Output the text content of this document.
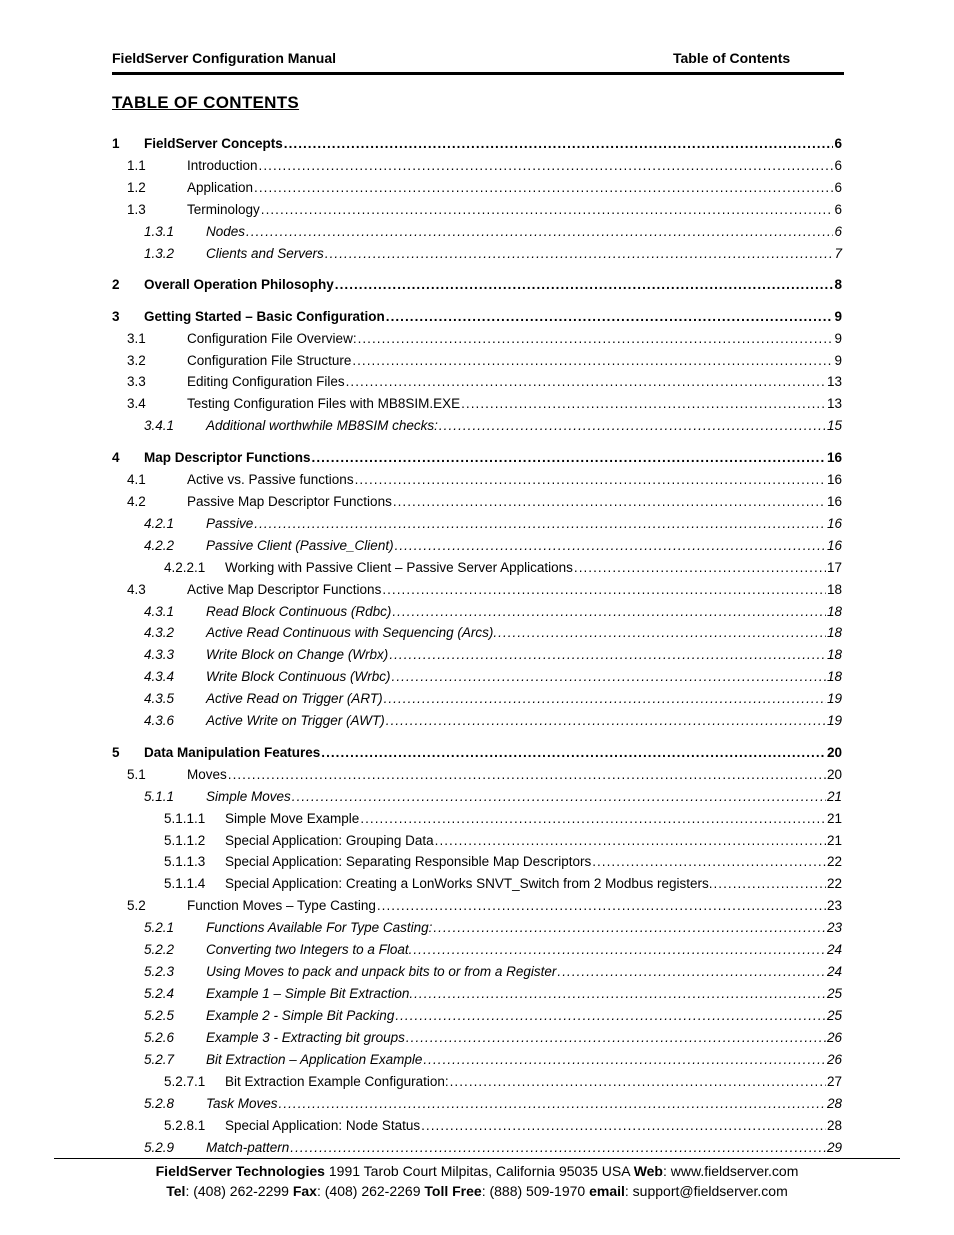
FieldServer Configuration Manual	Table of Contents
TABLE OF CONTENTS
1	FieldServer Concepts . . .	6
1.1	Introduction . . .	6
1.2	Application . . .	6
1.3	Terminology . . .	6
1.3.1	Nodes . . .	6
1.3.2	Clients and Servers . . .	7
2	Overall Operation Philosophy . . .	8
3	Getting Started – Basic Configuration . . .	9
3.1	Configuration File Overview: . . .	9
3.2	Configuration File Structure . . .	9
3.3	Editing Configuration Files . . .	13
3.4	Testing Configuration Files with MB8SIM.EXE . . .	13
3.4.1	Additional worthwhile MB8SIM checks: . . .	15
4	Map Descriptor Functions . . .	16
4.1	Active vs. Passive functions . . .	16
4.2	Passive Map Descriptor Functions . . .	16
4.2.1	Passive . . .	16
4.2.2	Passive Client (Passive_Client) . . .	16
4.2.2.1	Working with Passive Client – Passive Server Applications . . .	17
4.3	Active Map Descriptor Functions . . .	18
4.3.1	Read Block Continuous (Rdbc) . . .	18
4.3.2	Active Read Continuous with Sequencing (Arcs). . . .	18
4.3.3	Write Block on Change (Wrbx) . . .	18
4.3.4	Write Block Continuous (Wrbc) . . .	18
4.3.5	Active Read on Trigger (ART) . . .	19
4.3.6	Active Write on Trigger (AWT) . . .	19
5	Data Manipulation Features . . .	20
5.1	Moves . . .	20
5.1.1	Simple Moves . . .	21
5.1.1.1	Simple Move Example . . .	21
5.1.1.2	Special Application: Grouping Data . . .	21
5.1.1.3	Special Application: Separating Responsible Map Descriptors . . .	22
5.1.1.4	Special Application: Creating a LonWorks SNVT_Switch from 2 Modbus registers. . . .	22
5.2	Function Moves – Type Casting . . .	23
5.2.1	Functions Available For Type Casting: . . .	23
5.2.2	Converting two Integers to a Float. . . .	24
5.2.3	Using Moves to pack and unpack bits to or from a Register . . .	24
5.2.4	Example 1 – Simple Bit Extraction. . . .	25
5.2.5	Example 2 - Simple Bit Packing . . .	25
5.2.6	Example 3 - Extracting bit groups . . .	26
5.2.7	Bit Extraction – Application Example . . .	26
5.2.7.1	Bit Extraction Example Configuration: . . .	27
5.2.8	Task Moves . . .	28
5.2.8.1	Special Application: Node Status . . .	28
5.2.9	Match-pattern . . .	29
FieldServer Technologies 1991 Tarob Court Milpitas, California 95035 USA Web: www.fieldserver.com
Tel: (408) 262-2299 Fax: (408) 262-2269 Toll Free: (888) 509-1970 email: support@fieldserver.com
